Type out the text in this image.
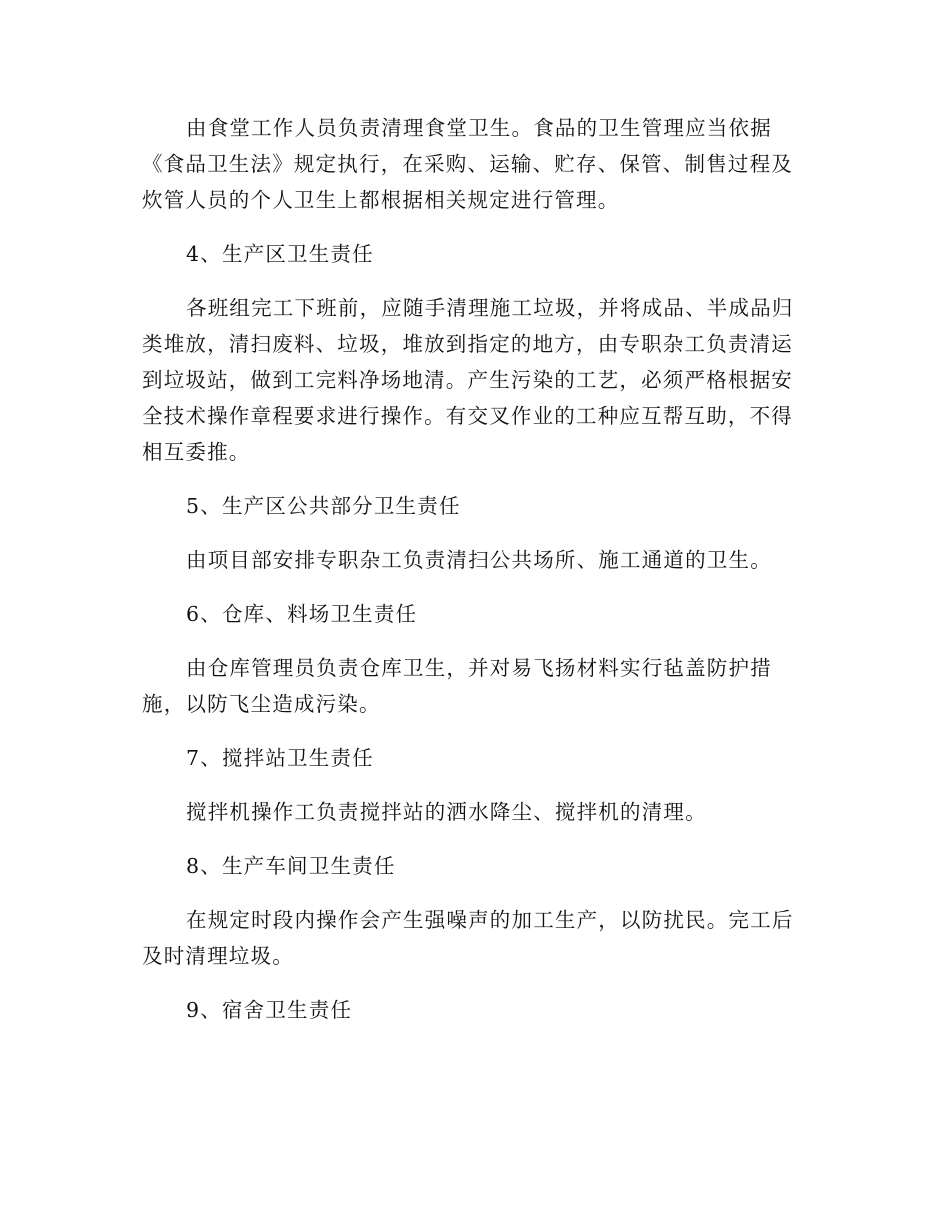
由食堂工作人员负责清理食堂卫生。食品的卫生管理应当依据
《食品卫生法》规定执行，在采购、运输、贮存、保管、制售过程及
炊管人员的个人卫生上都根据相关规定进行管理。

4、生产区卫生责任

各班组完工下班前，应随手清理施工垃圾，并将成品、半成品归
类堆放，清扫废料、垃圾，堆放到指定的地方，由专职杂工负责清运
到垃圾站，做到工完料净场地清。产生污染的工艺，必须严格根据安
全技术操作章程要求进行操作。有交叉作业的工种应互帮互助，不得
相互委推。

5、生产区公共部分卫生责任

由项目部安排专职杂工负责清扫公共场所、施工通道的卫生。

6、仓库、料场卫生责任

由仓库管理员负责仓库卫生，并对易飞扬材料实行毡盖防护措
施，以防飞尘造成污染。

7、搅拌站卫生责任

搅拌机操作工负责搅拌站的洒水降尘、搅拌机的清理。

8、生产车间卫生责任

在规定时段内操作会产生强噪声的加工生产，以防扰民。完工后
及时清理垃圾。

9、宿舍卫生责任
